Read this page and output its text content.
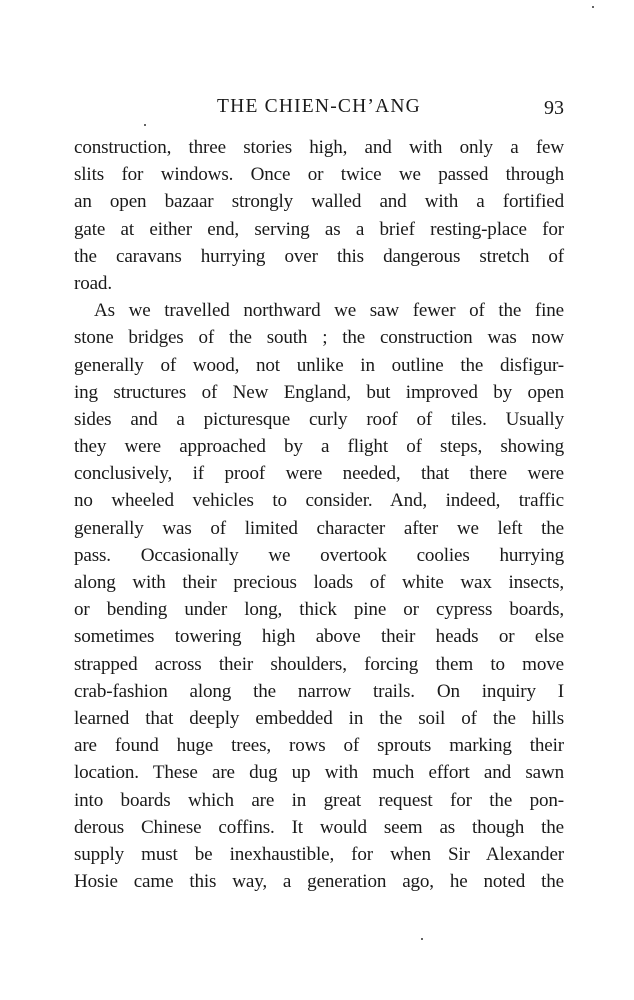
THE CHIEN-CH’ANG	93
construction, three stories high, and with only a few
slits for windows. Once or twice we passed through
an open bazaar strongly walled and with a fortified
gate at either end, serving as a brief resting-place for
the caravans hurrying over this dangerous stretch of
road.
As we travelled northward we saw fewer of the fine
stone bridges of the south ; the construction was now
generally of wood, not unlike in outline the disfigur-
ing structures of New England, but improved by open
sides and a picturesque curly roof of tiles. Usually
they were approached by a flight of steps, showing
conclusively, if proof were needed, that there were
no wheeled vehicles to consider. And, indeed, traffic
generally was of limited character after we left the
pass. Occasionally we overtook coolies hurrying
along with their precious loads of white wax insects,
or bending under long, thick pine or cypress boards,
sometimes towering high above their heads or else
strapped across their shoulders, forcing them to move
crab-fashion along the narrow trails. On inquiry I
learned that deeply embedded in the soil of the hills
are found huge trees, rows of sprouts marking their
location. These are dug up with much effort and sawn
into boards which are in great request for the pon-
derous Chinese coffins. It would seem as though the
supply must be inexhaustible, for when Sir Alexander
Hosie came this way, a generation ago, he noted the
